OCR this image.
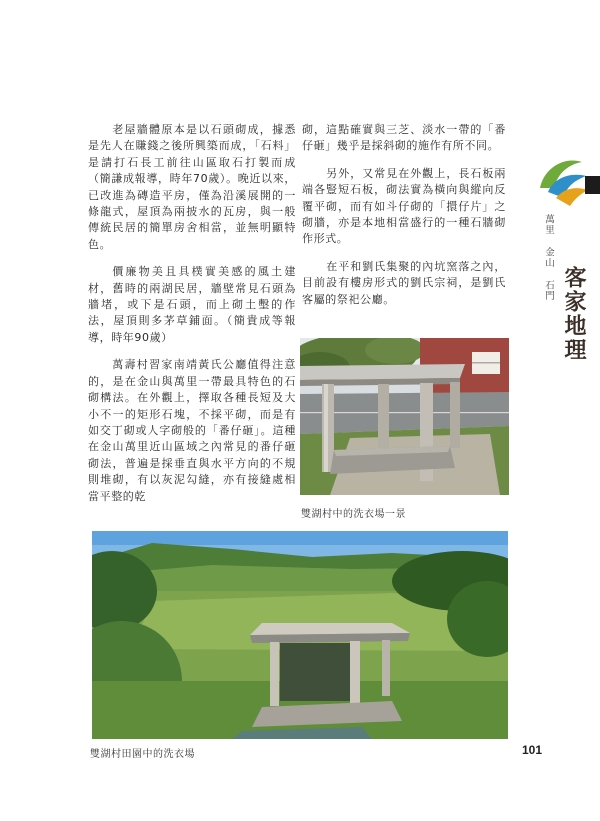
老屋牆體原本是以石頭砌成，據悉是先人在賺錢之後所興築而成，「石料」是請打石長工前往山區取石打製而成（簡謙成報導，時年70歲）。晚近以來，已改進為磚造平房，僅為沿溪展開的一條龍式，屋頂為兩披水的瓦房，與一般傳統民居的簡單房舍相當，並無明顯特色。

價廉物美且具樸實美感的風土建材，舊時的兩湖民居，牆壁常見石頭為牆堵，或下是石頭，而上砌土墼的作法，屋頂則多茅草鋪面。（簡貴成等報導，時年90歲）

萬壽村習家南靖黃氏公廳值得注意的，是在金山與萬里一帶最具特色的石砌構法。在外觀上，擇取各種長短及大小不一的矩形石塊，不採平砌，而是有如交丁砌或人字砌般的「番仔砸」。這種在金山萬里近山區域之內常見的番仔砸砌法，普遍是採垂直與水平方向的不規則堆砌，有以灰泥勾縫，亦有接縫處相當平整的乾

砌，這點確實與三芝、淡水一帶的「番仔砸」幾乎是採斜砌的施作有所不同。

另外，又常見在外觀上，長石板兩端各豎短石板，砌法實為橫向與縱向反覆平砌，而有如斗仔砌的「擐仔片」之砌牆，亦是本地相當盛行的一種石牆砌作形式。

在平和劉氏集聚的內坑窯落之內，目前設有樓房形式的劉氏宗祠，是劉氏客屬的祭祀公廳。

雙湖村中的洗衣場一景
雙湖村田園中的洗衣場
萬里 金山 石門
客家地理
101
